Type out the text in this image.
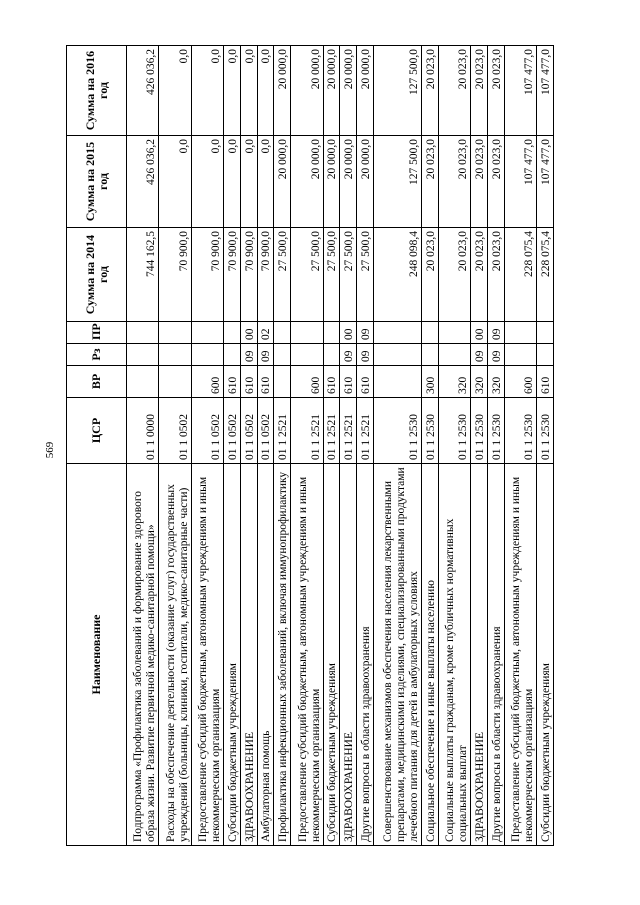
569
Наименование	ЦСР	ВР	Рз	ПР	Сумма на 2014 год	Сумма на 2015 год	Сумма на 2016 год
Подпрограмма «Профилактика заболеваний и формирование здорового образа жизни. Развитие первичной медико-санитарной помощи»	01 1 0000				744 162,5	426 036,2	426 036,2
Расходы на обеспечение деятельности (оказание услуг) государственных учреждений (больницы, клиники, госпитали, медико-санитарные части)	01 1 0502				70 900,0	0,0	0,0
Предоставление субсидий бюджетным, автономным учреждениям и иным некоммерческим организациям	01 1 0502	600			70 900,0	0,0	0,0
Субсидии бюджетным учреждениям	01 1 0502	610			70 900,0	0,0	0,0
ЗДРАВООХРАНЕНИЕ	01 1 0502	610	09	00	70 900,0	0,0	0,0
Амбулаторная помощь	01 1 0502	610	09	02	70 900,0	0,0	0,0
Профилактика инфекционных заболеваний, включая иммунопрофилактику	01 1 2521				27 500,0	20 000,0	20 000,0
Предоставление субсидий бюджетным, автономным учреждениям и иным некоммерческим организациям	01 1 2521	600			27 500,0	20 000,0	20 000,0
Субсидии бюджетным учреждениям	01 1 2521	610			27 500,0	20 000,0	20 000,0
ЗДРАВООХРАНЕНИЕ	01 1 2521	610	09	00	27 500,0	20 000,0	20 000,0
Другие вопросы в области здравоохранения	01 1 2521	610	09	09	27 500,0	20 000,0	20 000,0
Совершенствование механизмов обеспечения населения лекарственными препаратами, медицинскими изделиями, специализированными продуктами лечебного питания для детей в амбулаторных условиях	01 1 2530				248 098,4	127 500,0	127 500,0
Социальное обеспечение и иные выплаты населению	01 1 2530	300			20 023,0	20 023,0	20 023,0
Социальные выплаты гражданам, кроме публичных нормативных социальных выплат	01 1 2530	320			20 023,0	20 023,0	20 023,0
ЗДРАВООХРАНЕНИЕ	01 1 2530	320	09	00	20 023,0	20 023,0	20 023,0
Другие вопросы в области здравоохранения	01 1 2530	320	09	09	20 023,0	20 023,0	20 023,0
Предоставление субсидий бюджетным, автономным учреждениям и иным некоммерческим организациям	01 1 2530	600			228 075,4	107 477,0	107 477,0
Субсидии бюджетным учреждениям	01 1 2530	610			228 075,4	107 477,0	107 477,0
